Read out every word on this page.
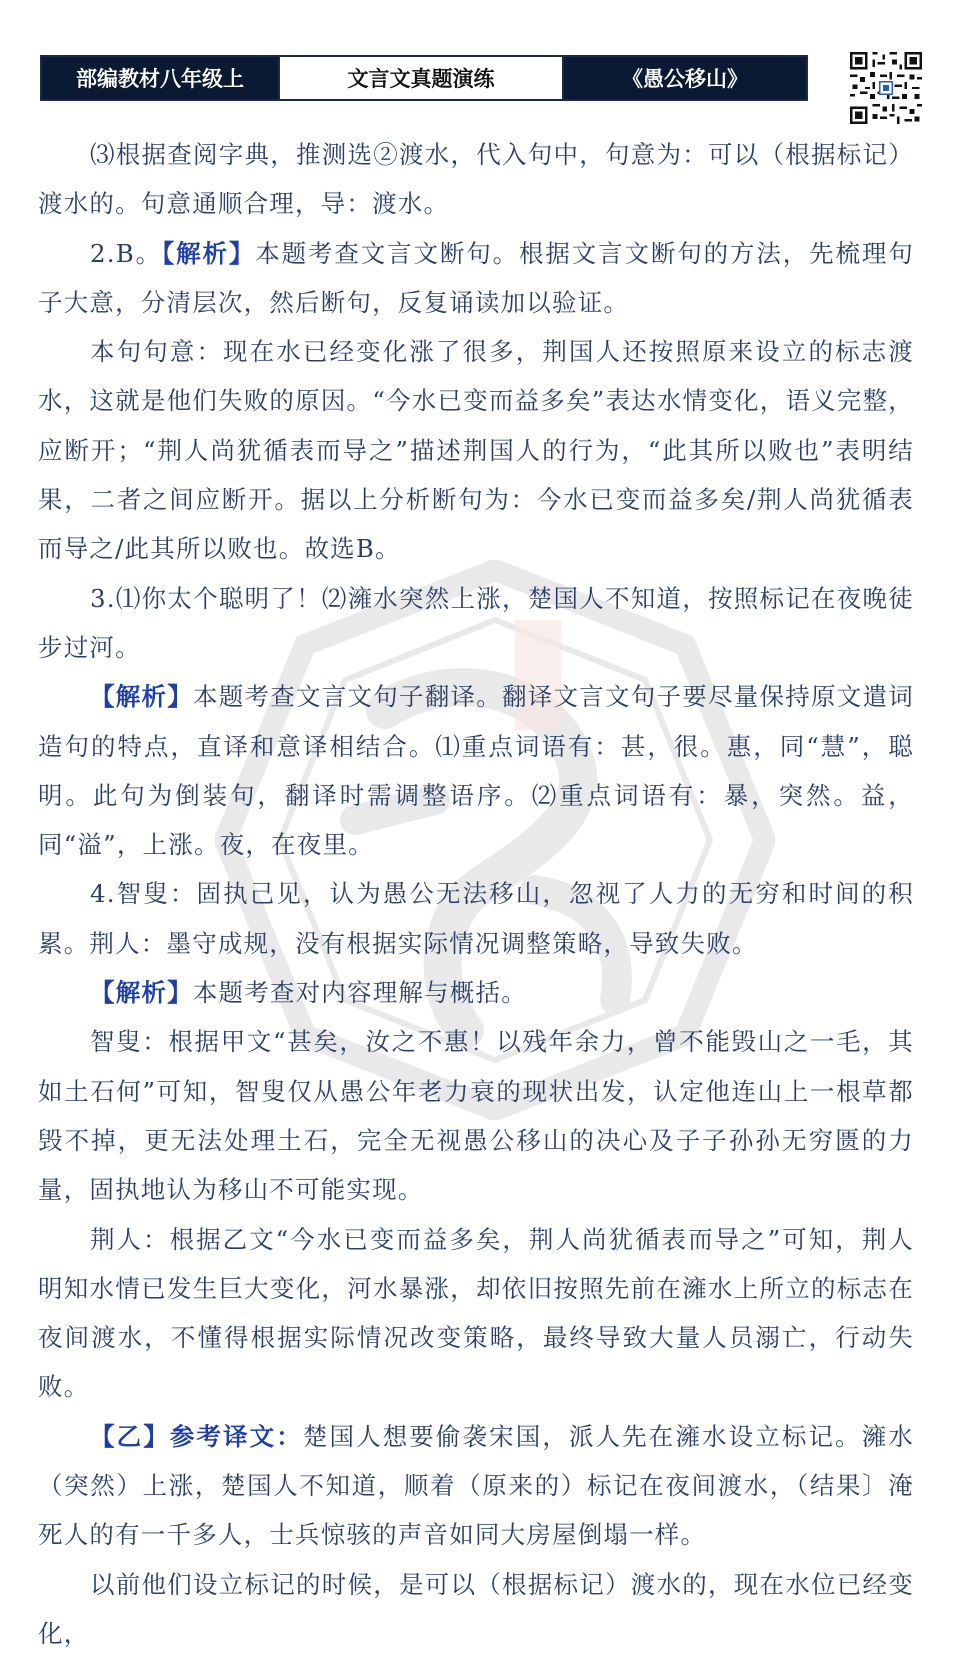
部编教材八年级上	文言文真题演练	《愚公移山》

⑶根据查阅字典，推测选②渡水，代入句中，句意为：可以（根据标记）渡水的。句意通顺合理，导：渡水。

2.B。【解析】本题考查文言文断句。根据文言文断句的方法，先梳理句子大意，分清层次，然后断句，反复诵读加以验证。

本句句意：现在水已经变化涨了很多，荆国人还按照原来设立的标志渡水，这就是他们失败的原因。“今水已变而益多矣”表达水情变化，语义完整，应断开；“荆人尚犹循表而导之”描述荆国人的行为，“此其所以败也”表明结果，二者之间应断开。据以上分析断句为：今水已变而益多矣/荆人尚犹循表而导之/此其所以败也。故选B。

3.⑴你太个聪明了！⑵澭水突然上涨，楚国人不知道，按照标记在夜晚徒步过河。

【解析】本题考查文言文句子翻译。翻译文言文句子要尽量保持原文遣词造句的特点，直译和意译相结合。⑴重点词语有：甚，很。惠，同“慧”，聪明。此句为倒装句，翻译时需调整语序。⑵重点词语有：暴，突然。益，同“溢”，上涨。夜，在夜里。

4.智叟：固执己见，认为愚公无法移山，忽视了人力的无穷和时间的积累。荆人：墨守成规，没有根据实际情况调整策略，导致失败。

【解析】本题考查对内容理解与概括。

智叟：根据甲文“甚矣，汝之不惠！以残年余力，曾不能毁山之一毛，其如土石何”可知，智叟仅从愚公年老力衰的现状出发，认定他连山上一根草都毁不掉，更无法处理土石，完全无视愚公移山的决心及子子孙孙无穷匮的力量，固执地认为移山不可能实现。

荆人：根据乙文“今水已变而益多矣，荆人尚犹循表而导之”可知，荆人明知水情已发生巨大变化，河水暴涨，却依旧按照先前在澭水上所立的标志在夜间渡水，不懂得根据实际情况改变策略，最终导致大量人员溺亡，行动失败。

【乙】参考译文：楚国人想要偷袭宋国，派人先在澭水设立标记。澭水（突然）上涨，楚国人不知道，顺着（原来的）标记在夜间渡水，（结果〕淹死人的有一千多人，士兵惊骇的声音如同大房屋倒塌一样。

以前他们设立标记的时候，是可以（根据标记）渡水的，现在水位已经变化，
